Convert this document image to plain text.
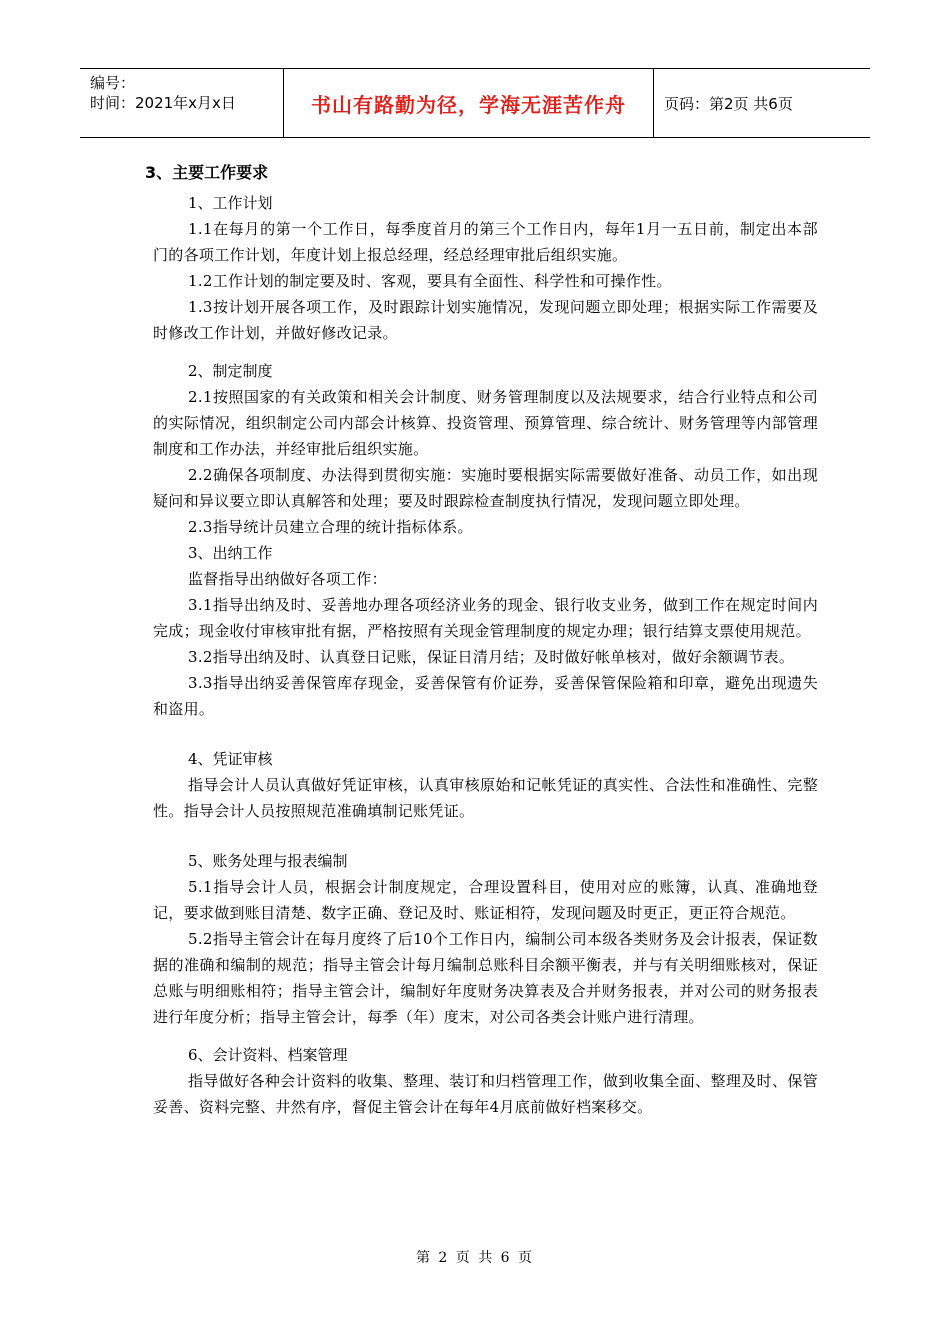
编号：
时间：2021年x月x日	书山有路勤为径，学海无涯苦作舟	页码：第2页 共6页
3、主要工作要求

1、工作计划

1.1在每月的第一个工作日，每季度首月的第三个工作日内，每年1月一五日前，制定出本部门的各项工作计划，年度计划上报总经理，经总经理审批后组织实施。

1.2工作计划的制定要及时、客观，要具有全面性、科学性和可操作性。

1.3按计划开展各项工作，及时跟踪计划实施情况，发现问题立即处理；根据实际工作需要及时修改工作计划，并做好修改记录。

2、制定制度

2.1按照国家的有关政策和相关会计制度、财务管理制度以及法规要求，结合行业特点和公司的实际情况，组织制定公司内部会计核算、投资管理、预算管理、综合统计、财务管理等内部管理制度和工作办法，并经审批后组织实施。

2.2确保各项制度、办法得到贯彻实施：实施时要根据实际需要做好准备、动员工作，如出现疑问和异议要立即认真解答和处理；要及时跟踪检查制度执行情况，发现问题立即处理。

2.3指导统计员建立合理的统计指标体系。

3、出纳工作

监督指导出纳做好各项工作：

3.1指导出纳及时、妥善地办理各项经济业务的现金、银行收支业务，做到工作在规定时间内完成；现金收付审核审批有据，严格按照有关现金管理制度的规定办理；银行结算支票使用规范。

3.2指导出纳及时、认真登日记账，保证日清月结；及时做好帐单核对，做好余额调节表。

3.3指导出纳妥善保管库存现金，妥善保管有价证券，妥善保管保险箱和印章，避免出现遗失和盗用。

4、凭证审核

指导会计人员认真做好凭证审核，认真审核原始和记帐凭证的真实性、合法性和准确性、完整性。指导会计人员按照规范准确填制记账凭证。

5、账务处理与报表编制

5.1指导会计人员，根据会计制度规定，合理设置科目，使用对应的账簿，认真、准确地登记，要求做到账目清楚、数字正确、登记及时、账证相符，发现问题及时更正，更正符合规范。

5.2指导主管会计在每月度终了后10个工作日内，编制公司本级各类财务及会计报表，保证数据的准确和编制的规范；指导主管会计每月编制总账科目余额平衡表，并与有关明细账核对，保证总账与明细账相符；指导主管会计，编制好年度财务决算表及合并财务报表，并对公司的财务报表进行年度分析；指导主管会计，每季（年）度末，对公司各类会计账户进行清理。

6、会计资料、档案管理

指导做好各种会计资料的收集、整理、装订和归档管理工作，做到收集全面、整理及时、保管妥善、资料完整、井然有序，督促主管会计在每年4月底前做好档案移交。

第 2 页 共 6 页
